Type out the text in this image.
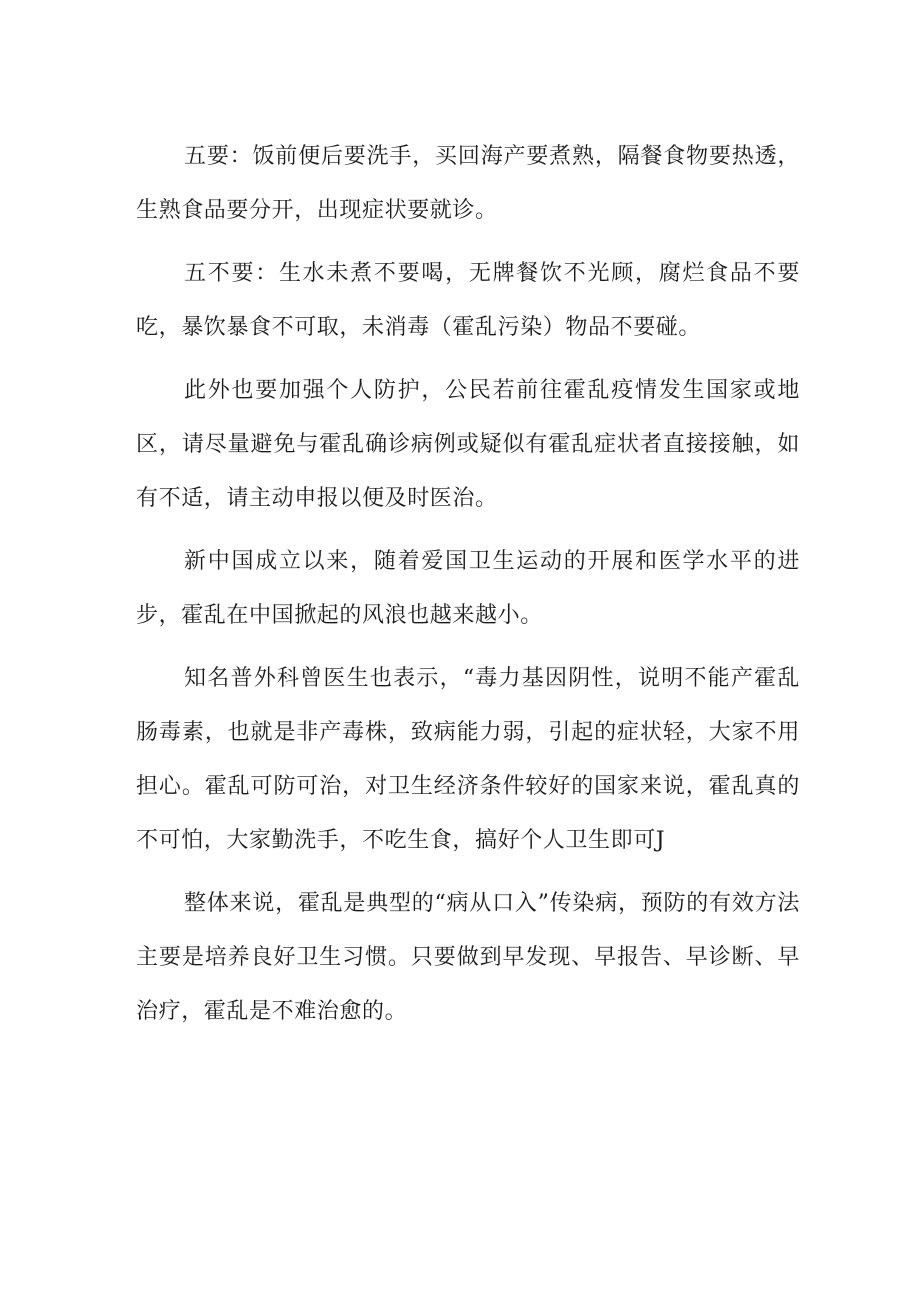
五要：饭前便后要洗手，买回海产要煮熟，隔餐食物要热透，生熟食品要分开，出现症状要就诊。

五不要：生水未煮不要喝，无牌餐饮不光顾，腐烂食品不要吃，暴饮暴食不可取，未消毒（霍乱污染）物品不要碰。

此外也要加强个人防护，公民若前往霍乱疫情发生国家或地区，请尽量避免与霍乱确诊病例或疑似有霍乱症状者直接接触，如有不适，请主动申报以便及时医治。

新中国成立以来，随着爱国卫生运动的开展和医学水平的进步，霍乱在中国掀起的风浪也越来越小。

知名普外科曾医生也表示，“毒力基因阴性，说明不能产霍乱肠毒素，也就是非产毒株，致病能力弱，引起的症状轻，大家不用担心。霍乱可防可治，对卫生经济条件较好的国家来说，霍乱真的不可怕，大家勤洗手，不吃生食，搞好个人卫生即可J

整体来说，霍乱是典型的“病从口入”传染病，预防的有效方法主要是培养良好卫生习惯。只要做到早发现、早报告、早诊断、早治疗，霍乱是不难治愈的。
